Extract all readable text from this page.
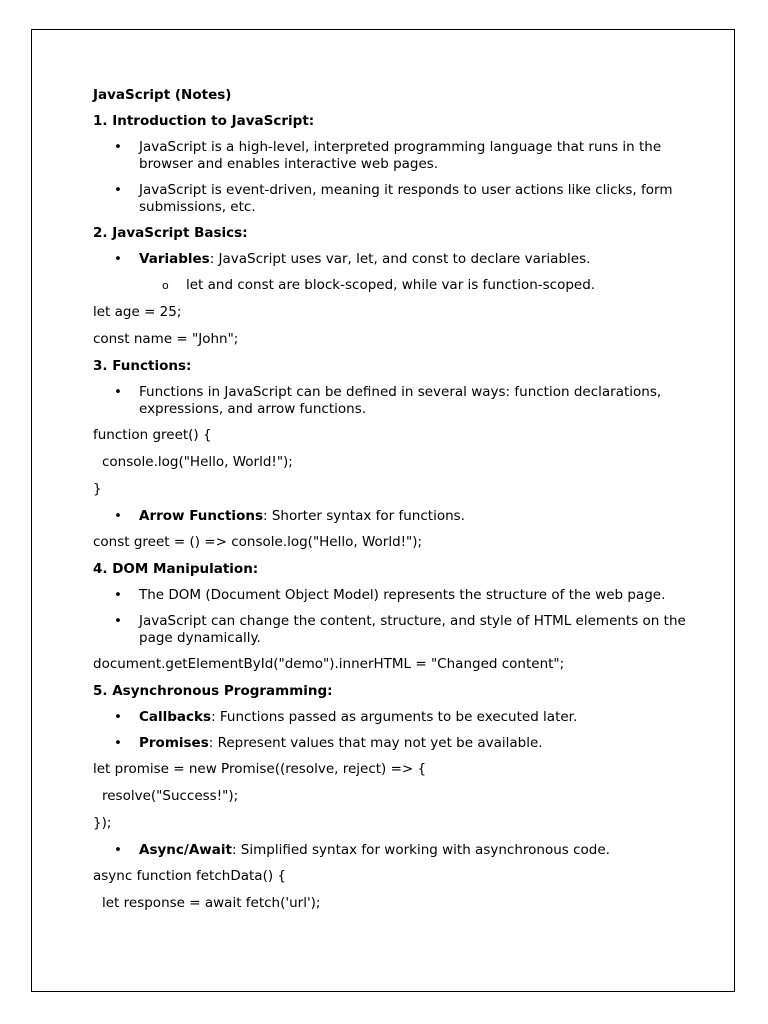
JavaScript (Notes)

1. Introduction to JavaScript:

• JavaScript is a high-level, interpreted programming language that runs in the browser and enables interactive web pages.
• JavaScript is event-driven, meaning it responds to user actions like clicks, form submissions, etc.

2. JavaScript Basics:

• Variables: JavaScript uses var, let, and const to declare variables.
o let and const are block-scoped, while var is function-scoped.

let age = 25;

const name = "John";

3. Functions:

• Functions in JavaScript can be defined in several ways: function declarations, expressions, and arrow functions.

function greet() {

console.log("Hello, World!");

}

• Arrow Functions: Shorter syntax for functions.

const greet = () => console.log("Hello, World!");

4. DOM Manipulation:

• The DOM (Document Object Model) represents the structure of the web page.
• JavaScript can change the content, structure, and style of HTML elements on the page dynamically.

document.getElementById("demo").innerHTML = "Changed content";

5. Asynchronous Programming:

• Callbacks: Functions passed as arguments to be executed later.
• Promises: Represent values that may not yet be available.

let promise = new Promise((resolve, reject) => {

resolve("Success!");

});

• Async/Await: Simplified syntax for working with asynchronous code.

async function fetchData() {

let response = await fetch('url');
